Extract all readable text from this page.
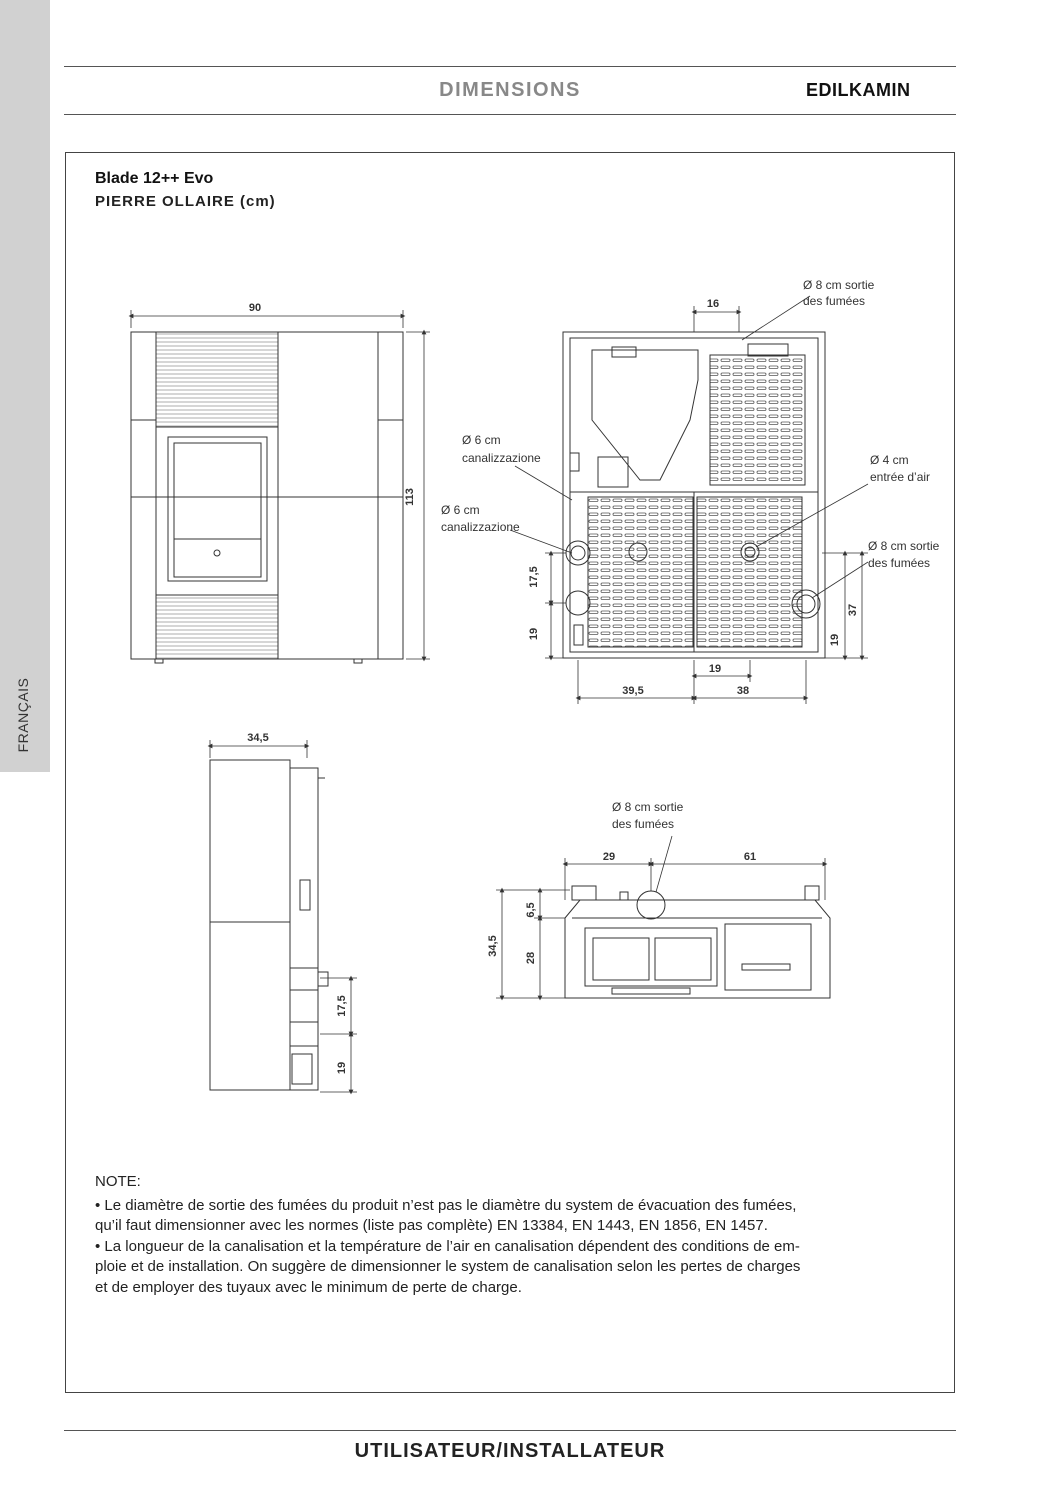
FRANÇAIS
DIMENSIONS	EDILKAMIN
Blade 12++ Evo
PIERRE OLLAIRE (cm)
90
113
16
Ø 8 cm sortie
des fumées
Ø 6 cm
canalizzazione
Ø 6 cm
canalizzazione
Ø 4 cm
entrée d’air
Ø 8 cm sortie
des fumées
17,5
19	19
37
19
39,5	38
34,5
17,5
19
Ø 8 cm sortie
des fumées
29	61
34,5
6,5
28
NOTE:
• Le diamètre de sortie des fumées du produit n’est pas le diamètre du system de évacuation des fumées,
qu’il faut dimensionner avec les normes (liste pas complète) EN 13384, EN 1443, EN 1856, EN 1457.
• La longueur de la canalisation et la température de l’air en canalisation dépendent des conditions de em-
ploie et de installation. On suggère de dimensionner le system de canalisation selon les pertes de charges
et de employer des tuyaux avec le minimum de perte de charge.
UTILISATEUR/INSTALLATEUR
